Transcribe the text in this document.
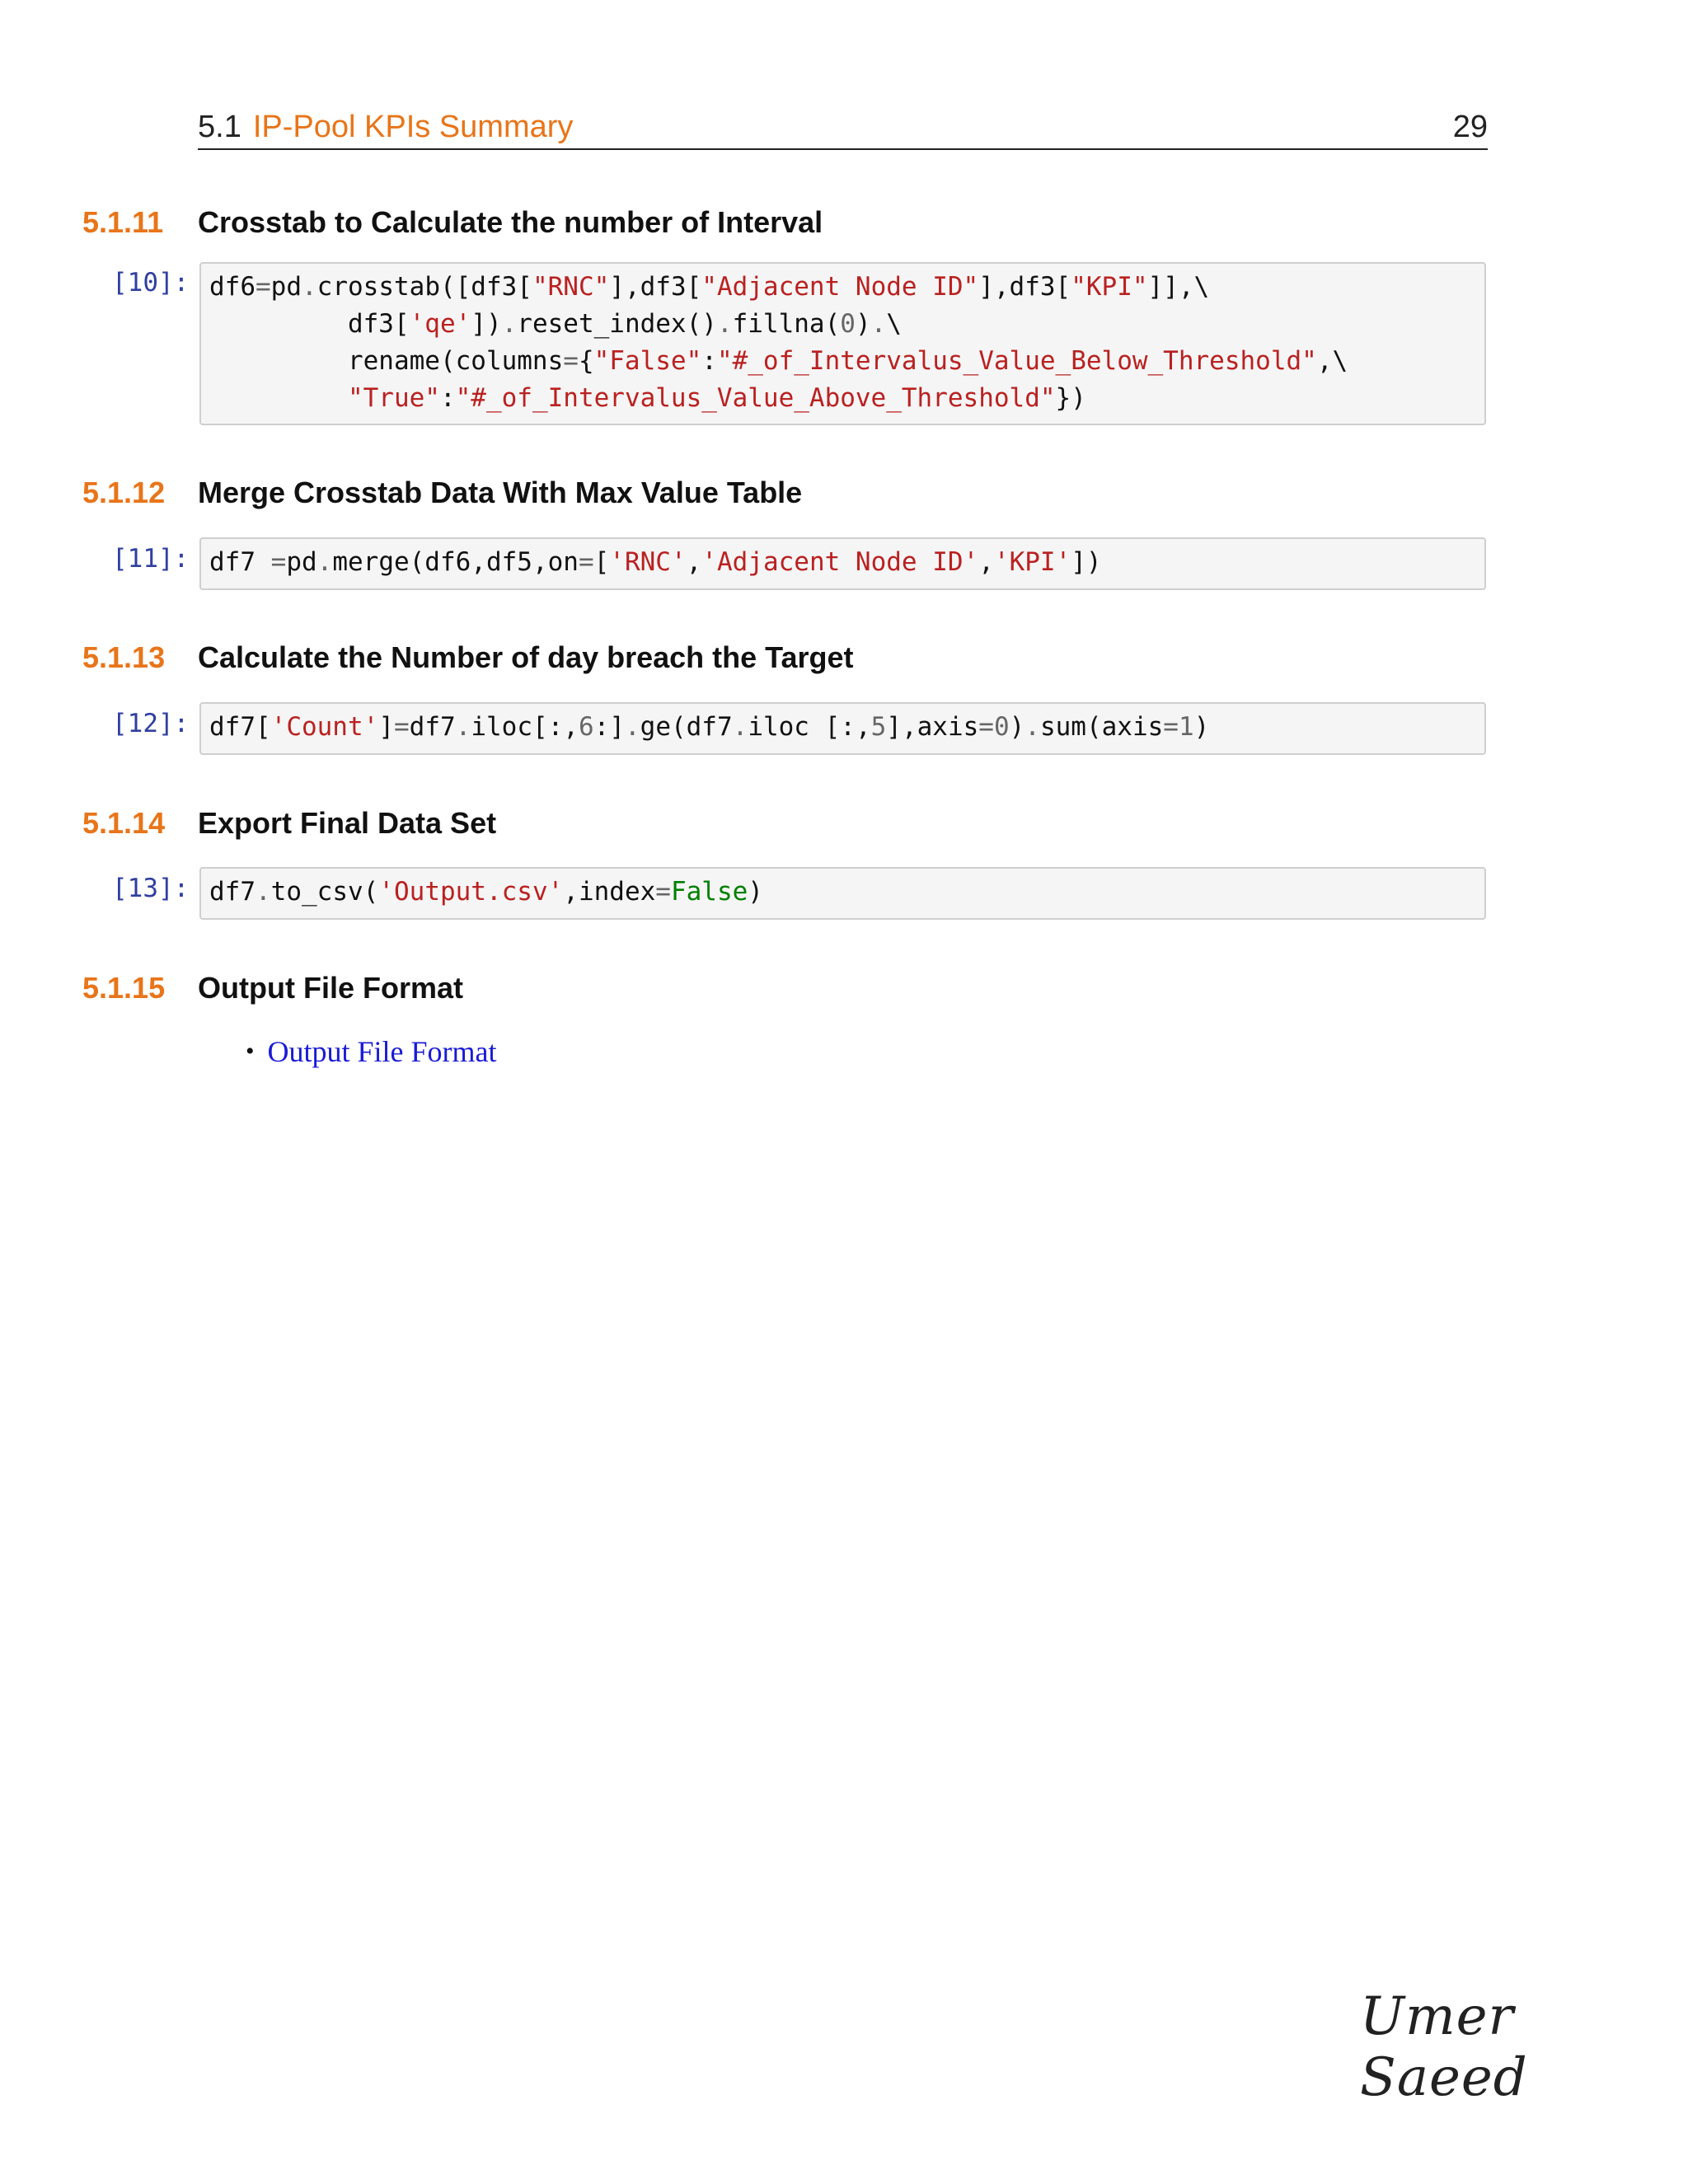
5.1 IP-Pool KPIs Summary	29
5.1.11	Crosstab to Calculate the number of Interval
[10]: df6=pd.crosstab([df3["RNC"],df3["Adjacent Node ID"],df3["KPI"]],\
df3['qe']).reset_index().fillna(0).\
rename(columns={"False":"#_of_Intervalus_Value_Below_Threshold",\
"True":"#_of_Intervalus_Value_Above_Threshold"})
5.1.12	Merge Crosstab Data With Max Value Table
[11]: df7 =pd.merge(df6,df5,on=['RNC','Adjacent Node ID','KPI'])
5.1.13	Calculate the Number of day breach the Target
[12]: df7['Count']=df7.iloc[:,6:].ge(df7.iloc [:,5],axis=0).sum(axis=1)
5.1.14	Export Final Data Set
[13]: df7.to_csv('Output.csv',index=False)
5.1.15	Output File Format
• Output File Format
Umer Saeed
